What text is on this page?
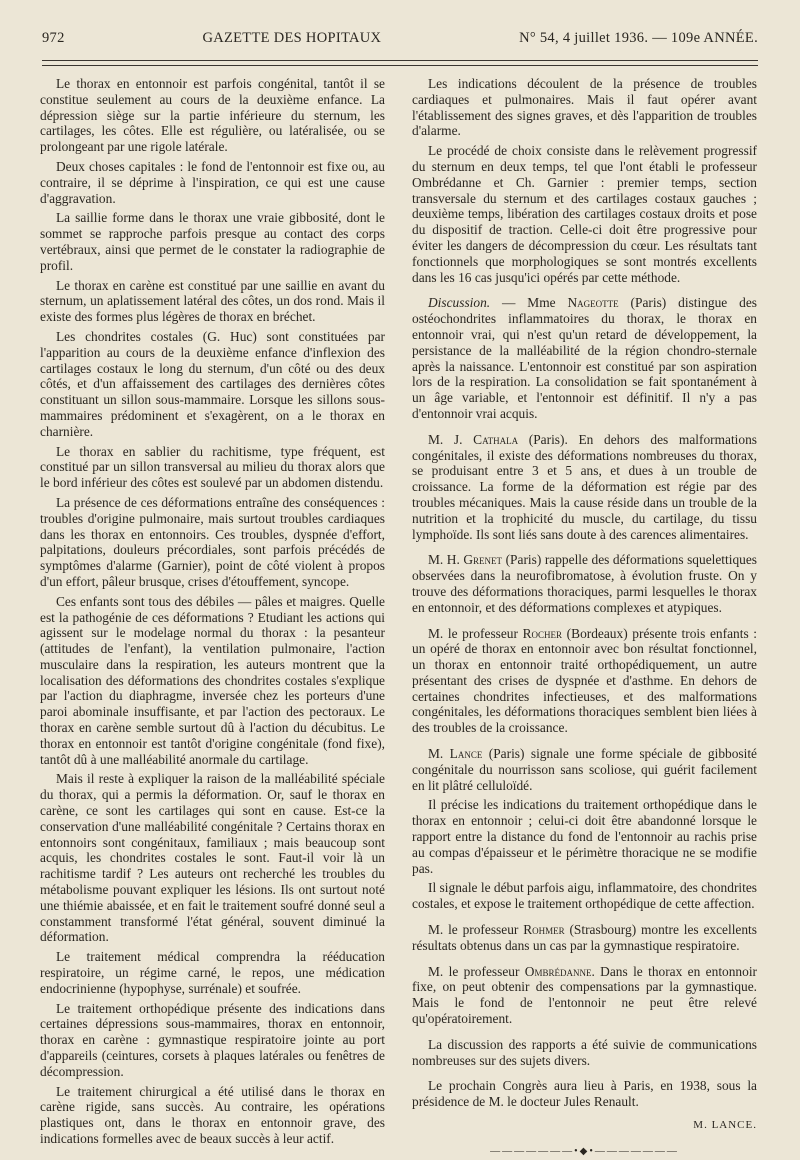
972	GAZETTE DES HOPITAUX	N° 54, 4 juillet 1936. — 109e ANNÉE.

Le thorax en entonnoir est parfois congénital, tantôt il se constitue seulement au cours de la deuxième enfance. La dépression siège sur la partie inférieure du sternum, les cartilages, les côtes. Elle est régulière, ou latéralisée, ou se prolongeant par une rigole latérale.

Deux choses capitales : le fond de l'entonnoir est fixe ou, au contraire, il se déprime à l'inspiration, ce qui est une cause d'aggravation.

La saillie forme dans le thorax une vraie gibbosité, dont le sommet se rapproche parfois presque au contact des corps vertébraux, ainsi que permet de le constater la radiographie de profil.

Le thorax en carène est constitué par une saillie en avant du sternum, un aplatissement latéral des côtes, un dos rond. Mais il existe des formes plus légères de thorax en bréchet.

Les chondrites costales (G. Huc) sont constituées par l'apparition au cours de la deuxième enfance d'inflexion des cartilages costaux le long du sternum, d'un côté ou des deux côtés, et d'un affaissement des cartilages des dernières côtes constituant un sillon sous-mammaire. Lorsque les sillons sous-mammaires prédominent et s'exagèrent, on a le thorax en charnière.

Le thorax en sablier du rachitisme, type fréquent, est constitué par un sillon transversal au milieu du thorax alors que le bord inférieur des côtes est soulevé par un abdomen distendu.

La présence de ces déformations entraîne des conséquences : troubles d'origine pulmonaire, mais surtout troubles cardiaques dans les thorax en entonnoirs. Ces troubles, dyspnée d'effort, palpitations, douleurs précordiales, sont parfois précédés de symptômes d'alarme (Garnier), point de côté violent à propos d'un effort, pâleur brusque, crises d'étouffement, syncope.

Ces enfants sont tous des débiles — pâles et maigres. Quelle est la pathogénie de ces déformations ? Etudiant les actions qui agissent sur le modelage normal du thorax : la pesanteur (attitudes de l'enfant), la ventilation pulmonaire, l'action musculaire dans la respiration, les auteurs montrent que la localisation des déformations des chondrites costales s'explique par l'action du diaphragme, inversée chez les porteurs d'une paroi abominale insuffisante, et par l'action des pectoraux. Le thorax en carène semble surtout dû à l'action du décubitus. Le thorax en entonnoir est tantôt d'origine congénitale (fond fixe), tantôt dû à une malléabilité anormale du cartilage.

Mais il reste à expliquer la raison de la malléabilité spéciale du thorax, qui a permis la déformation. Or, sauf le thorax en carène, ce sont les cartilages qui sont en cause. Est-ce la conservation d'une malléabilité congénitale ? Certains thorax en entonnoirs sont congénitaux, familiaux ; mais beaucoup sont acquis, les chondrites costales le sont. Faut-il voir là un rachitisme tardif ? Les auteurs ont recherché les troubles du métabolisme pouvant expliquer les lésions. Ils ont surtout noté une thiémie abaissée, et en fait le traitement soufré donné seul a constamment transformé l'état général, souvent diminué la déformation.

Le traitement médical comprendra la rééducation respiratoire, un régime carné, le repos, une médication endocrinienne (hypophyse, surrénale) et soufrée.

Le traitement orthopédique présente des indications dans certaines dépressions sous-mammaires, thorax en entonnoir, thorax en carène : gymnastique respiratoire jointe au port d'appareils (ceintures, corsets à plaques latérales ou fenêtres de décompression.

Le traitement chirurgical a été utilisé dans le thorax en carène rigide, sans succès. Au contraire, les opérations plastiques ont, dans le thorax en entonnoir grave, des indications formelles avec de beaux succès à leur actif.

Les indications découlent de la présence de troubles cardiaques et pulmonaires. Mais il faut opérer avant l'établissement des signes graves, et dès l'apparition de troubles d'alarme.

Le procédé de choix consiste dans le relèvement progressif du sternum en deux temps, tel que l'ont établi le professeur Ombrédanne et Ch. Garnier : premier temps, section transversale du sternum et des cartilages costaux gauches ; deuxième temps, libération des cartilages costaux droits et pose du dispositif de traction. Celle-ci doit être progressive pour éviter les dangers de décompression du cœur. Les résultats tant fonctionnels que morphologiques se sont montrés excellents dans les 16 cas jusqu'ici opérés par cette méthode.

Discussion. — Mme Nageotte (Paris) distingue des ostéochondrites inflammatoires du thorax, le thorax en entonnoir vrai, qui n'est qu'un retard de développement, la persistance de la malléabilité de la région chondro-sternale après la naissance. L'entonnoir est constitué par son aspiration lors de la respiration. La consolidation se fait spontanément à un âge variable, et l'entonnoir est définitif. Il n'y a pas d'entonnoir vrai acquis.

M. J. Cathala (Paris). En dehors des malformations congénitales, il existe des déformations nombreuses du thorax, se produisant entre 3 et 5 ans, et dues à un trouble de croissance. La forme de la déformation est régie par des troubles mécaniques. Mais la cause réside dans un trouble de la nutrition et la trophicité du muscle, du cartilage, du tissu lymphoïde. Ils sont liés sans doute à des carences alimentaires.

M. H. Grenet (Paris) rappelle des déformations squelettiques observées dans la neurofibromatose, à évolution fruste. On y trouve des déformations thoraciques, parmi lesquelles le thorax en entonnoir, et des déformations complexes et atypiques.

M. le professeur Rocher (Bordeaux) présente trois enfants : un opéré de thorax en entonnoir avec bon résultat fonctionnel, un thorax en entonnoir traité orthopédiquement, un autre présentant des crises de dyspnée et d'asthme. En dehors de certaines chondrites infectieuses, et des malformations congénitales, les déformations thoraciques semblent bien liées à des troubles de la croissance.

M. Lance (Paris) signale une forme spéciale de gibbosité congénitale du nourrisson sans scoliose, qui guérit facilement en lit plâtré celluloïdé.

Il précise les indications du traitement orthopédique dans le thorax en entonnoir ; celui-ci doit être abandonné lorsque le rapport entre la distance du fond de l'entonnoir au rachis prise au compas d'épaisseur et le périmètre thoracique ne se modifie pas.

Il signale le début parfois aigu, inflammatoire, des chondrites costales, et expose le traitement orthopédique de cette affection.

M. le professeur Rohmer (Strasbourg) montre les excellents résultats obtenus dans un cas par la gymnastique respiratoire.

M. le professeur Ombrédanne. Dans le thorax en entonnoir fixe, on peut obtenir des compensations par la gymnastique. Mais le fond de l'entonnoir ne peut être relevé qu'opératoirement.

La discussion des rapports a été suivie de communications nombreuses sur des sujets divers.

Le prochain Congrès aura lieu à Paris, en 1938, sous la présidence de M. le docteur Jules Renault.

M. LANCE.
―――――――•◆•―――――――
